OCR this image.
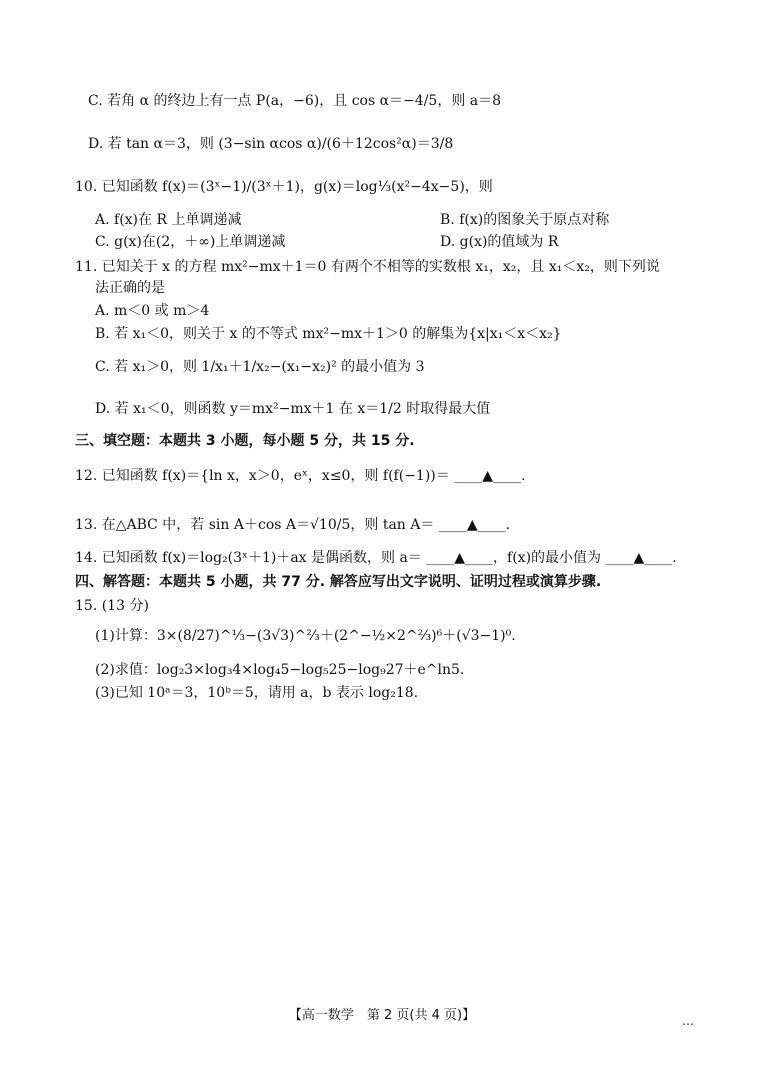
C. 若角 α 的终边上有一点 P(a，−6)，且 cos α＝−4/5，则 a＝8
D. 若 tan α＝3，则 (3−sin αcos α)/(6＋12cos²α)＝3/8
10. 已知函数 f(x)＝(3ˣ−1)/(3ˣ＋1)，g(x)＝log⅓(x²−4x−5)，则
A. f(x)在 R 上单调递减	B. f(x)的图象关于原点对称
C. g(x)在(2，＋∞)上单调递减	D. g(x)的值域为 R
11. 已知关于 x 的方程 mx²−mx＋1＝0 有两个不相等的实数根 x₁，x₂，且 x₁＜x₂，则下列说
法正确的是
A. m＜0 或 m＞4
B. 若 x₁＜0，则关于 x 的不等式 mx²−mx＋1＞0 的解集为{x|x₁＜x＜x₂}
C. 若 x₁＞0，则 1/x₁＋1/x₂−(x₁−x₂)² 的最小值为 3
D. 若 x₁＜0，则函数 y＝mx²−mx＋1 在 x＝1/2 时取得最大值
三、填空题：本题共 3 小题，每小题 5 分，共 15 分.
12. 已知函数 f(x)＝{ln x，x＞0，eˣ，x≤0，则 f(f(−1))＝ ____▲____.
13. 在△ABC 中，若 sin A＋cos A＝√10/5，则 tan A＝ ____▲____.
14. 已知函数 f(x)＝log₂(3ˣ＋1)＋ax 是偶函数，则 a＝ ____▲____，f(x)的最小值为 ____▲____.
四、解答题：本题共 5 小题，共 77 分. 解答应写出文字说明、证明过程或演算步骤.
15. (13 分)
(1)计算：3×(8/27)^⅓−(3√3)^⅔＋(2^−½×2^⅔)⁶＋(√3−1)⁰.
(2)求值：log₂3×log₃4×log₄5−log₅25−log₉27＋e^ln5.
(3)已知 10ᵃ＝3，10ᵇ＝5，请用 a，b 表示 log₂18.
【高一数学　第 2 页(共 4 页)】	…
